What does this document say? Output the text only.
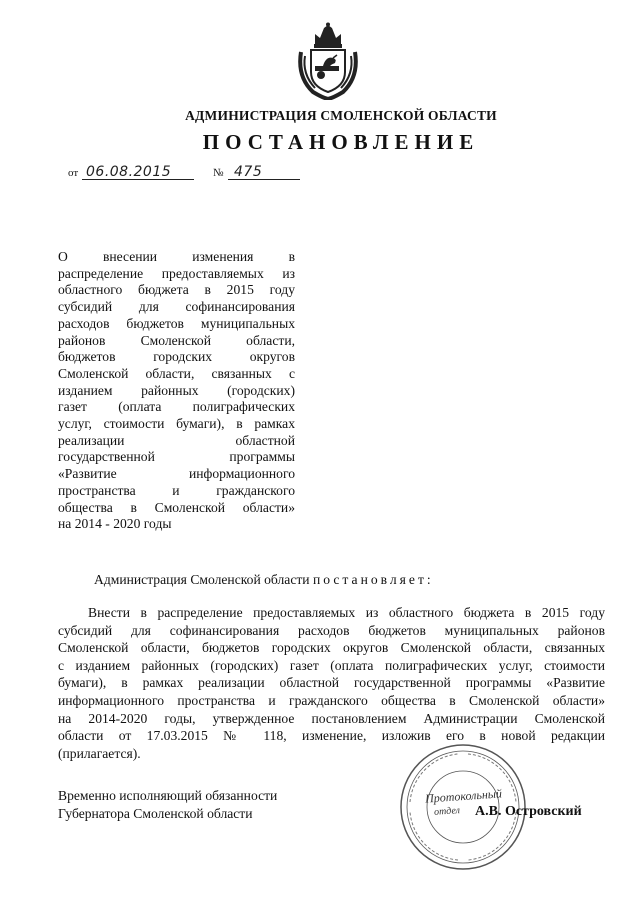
АДМИНИСТРАЦИЯ СМОЛЕНСКОЙ ОБЛАСТИ
ПОСТАНОВЛЕНИЕ
от 06.08.2015	№ 475
О внесении изменения в
распределение предоставляемых из
областного бюджета в 2015 году
субсидий для софинансирования
расходов бюджетов муниципальных
районов Смоленской области,
бюджетов городских округов
Смоленской области, связанных с
изданием районных (городских)
газет (оплата полиграфических
услуг, стоимости бумаги), в рамках
реализации областной
государственной программы
«Развитие информационного
пространства и гражданского
общества в Смоленской области»
на 2014 - 2020 годы
Администрация Смоленской области постановляет:
Внести в распределение предоставляемых из областного бюджета в 2015 году
субсидий для софинансирования расходов бюджетов муниципальных районов
Смоленской области, бюджетов городских округов Смоленской области, связанных
с изданием районных (городских) газет (оплата полиграфических услуг, стоимости
бумаги), в рамках реализации областной государственной программы «Развитие
информационного пространства и гражданского общества в Смоленской области»
на 2014-2020 годы, утвержденное постановлением Администрации Смоленской
области от 17.03.2015 № 118, изменение, изложив его в новой редакции
(прилагается).
Временно исполняющий обязанности
Губернатора Смоленской области
Протокольный
отдел А.В. Островский
